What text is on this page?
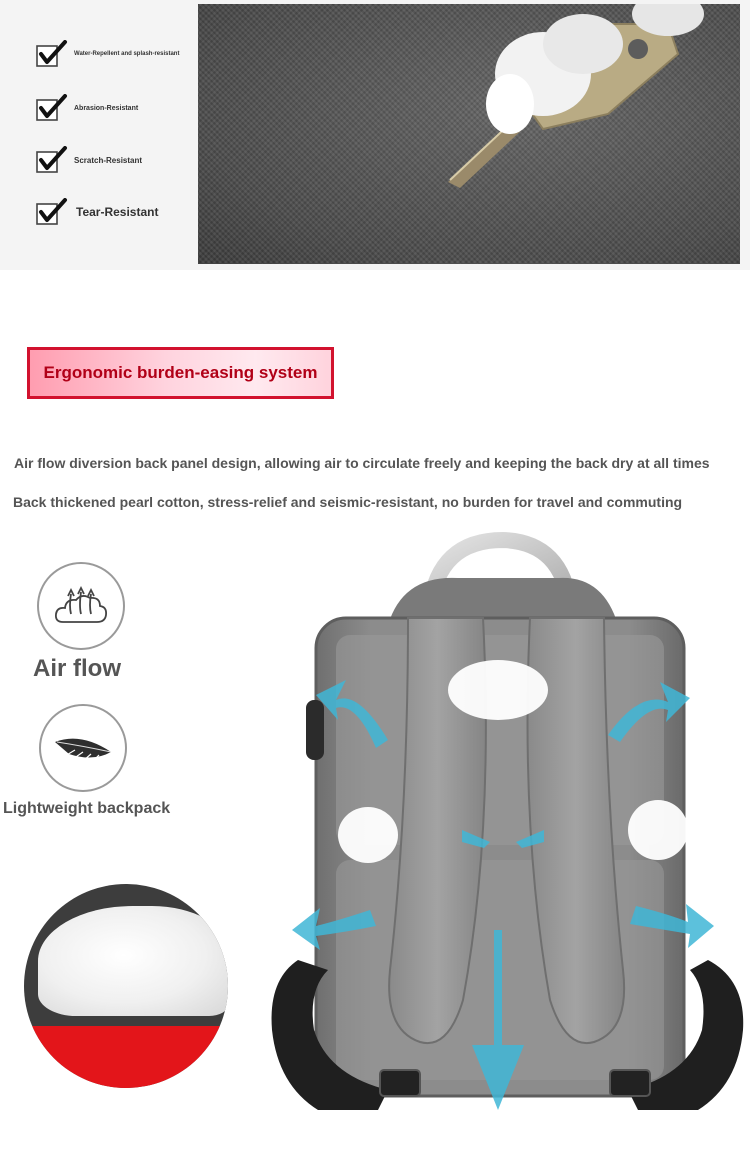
Water-Repellent and splash-resistant
Abrasion-Resistant
Scratch-Resistant
Tear-Resistant
Ergonomic burden-easing system
Air flow diversion back panel design, allowing air to circulate freely and keeping the back dry at all times
Back thickened pearl cotton, stress-relief and seismic-resistant, no burden for travel and commuting
Air flow
Lightweight backpack
